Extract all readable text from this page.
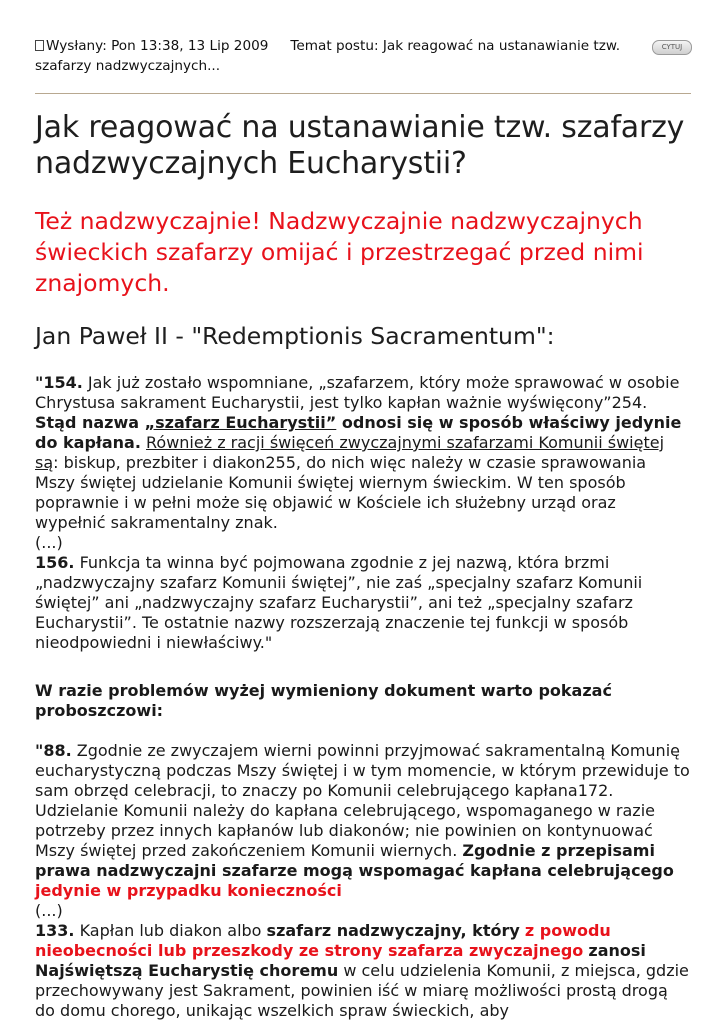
Wysłany: Pon 13:38, 13 Lip 2009 Temat postu: Jak reagować na ustanawianie tzw. szafarzy nadzwyczajnych...
CYTUJ
Jak reagować na ustanawianie tzw. szafarzy nadzwyczajnych Eucharystii?

Też nadzwyczajnie! Nadzwyczajnie nadzwyczajnych świeckich szafarzy omijać i przestrzegać przed nimi znajomych.

Jan Paweł II - "Redemptionis Sacramentum":

"154. Jak już zostało wspomniane, „szafarzem, który może sprawować w osobie Chrystusa sakrament Eucharystii, jest tylko kapłan ważnie wyświęcony”254. Stąd nazwa „szafarz Eucharystii” odnosi się w sposób właściwy jedynie do kapłana. Również z racji święceń zwyczajnymi szafarzami Komunii świętej są: biskup, prezbiter i diakon255, do nich więc należy w czasie sprawowania Mszy świętej udzielanie Komunii świętej wiernym świeckim. W ten sposób poprawnie i w pełni może się objawić w Kościele ich służebny urząd oraz wypełnić sakramentalny znak.
(...)
156. Funkcja ta winna być pojmowana zgodnie z jej nazwą, która brzmi „nadzwyczajny szafarz Komunii świętej”, nie zaś „specjalny szafarz Komunii świętej” ani „nadzwyczajny szafarz Eucharystii”, ani też „specjalny szafarz Eucharystii”. Te ostatnie nazwy rozszerzają znaczenie tej funkcji w sposób nieodpowiedni i niewłaściwy."

W razie problemów wyżej wymieniony dokument warto pokazać proboszczowi:

"88. Zgodnie ze zwyczajem wierni powinni przyjmować sakramentalną Komunię eucharystyczną podczas Mszy świętej i w tym momencie, w którym przewiduje to sam obrzęd celebracji, to znaczy po Komunii celebrującego kapłana172. Udzielanie Komunii należy do kapłana celebrującego, wspomaganego w razie potrzeby przez innych kapłanów lub diakonów; nie powinien on kontynuować Mszy świętej przed zakończeniem Komunii wiernych. Zgodnie z przepisami prawa nadzwyczajni szafarze mogą wspomagać kapłana celebrującego jedynie w przypadku konieczności
(...)
133. Kapłan lub diakon albo szafarz nadzwyczajny, który z powodu nieobecności lub przeszkody ze strony szafarza zwyczajnego zanosi Najświętszą Eucharystię choremu w celu udzielenia Komunii, z miejsca, gdzie przechowywany jest Sakrament, powinien iść w miarę możliwości prostą drogą do domu chorego, unikając wszelkich spraw świeckich, aby
